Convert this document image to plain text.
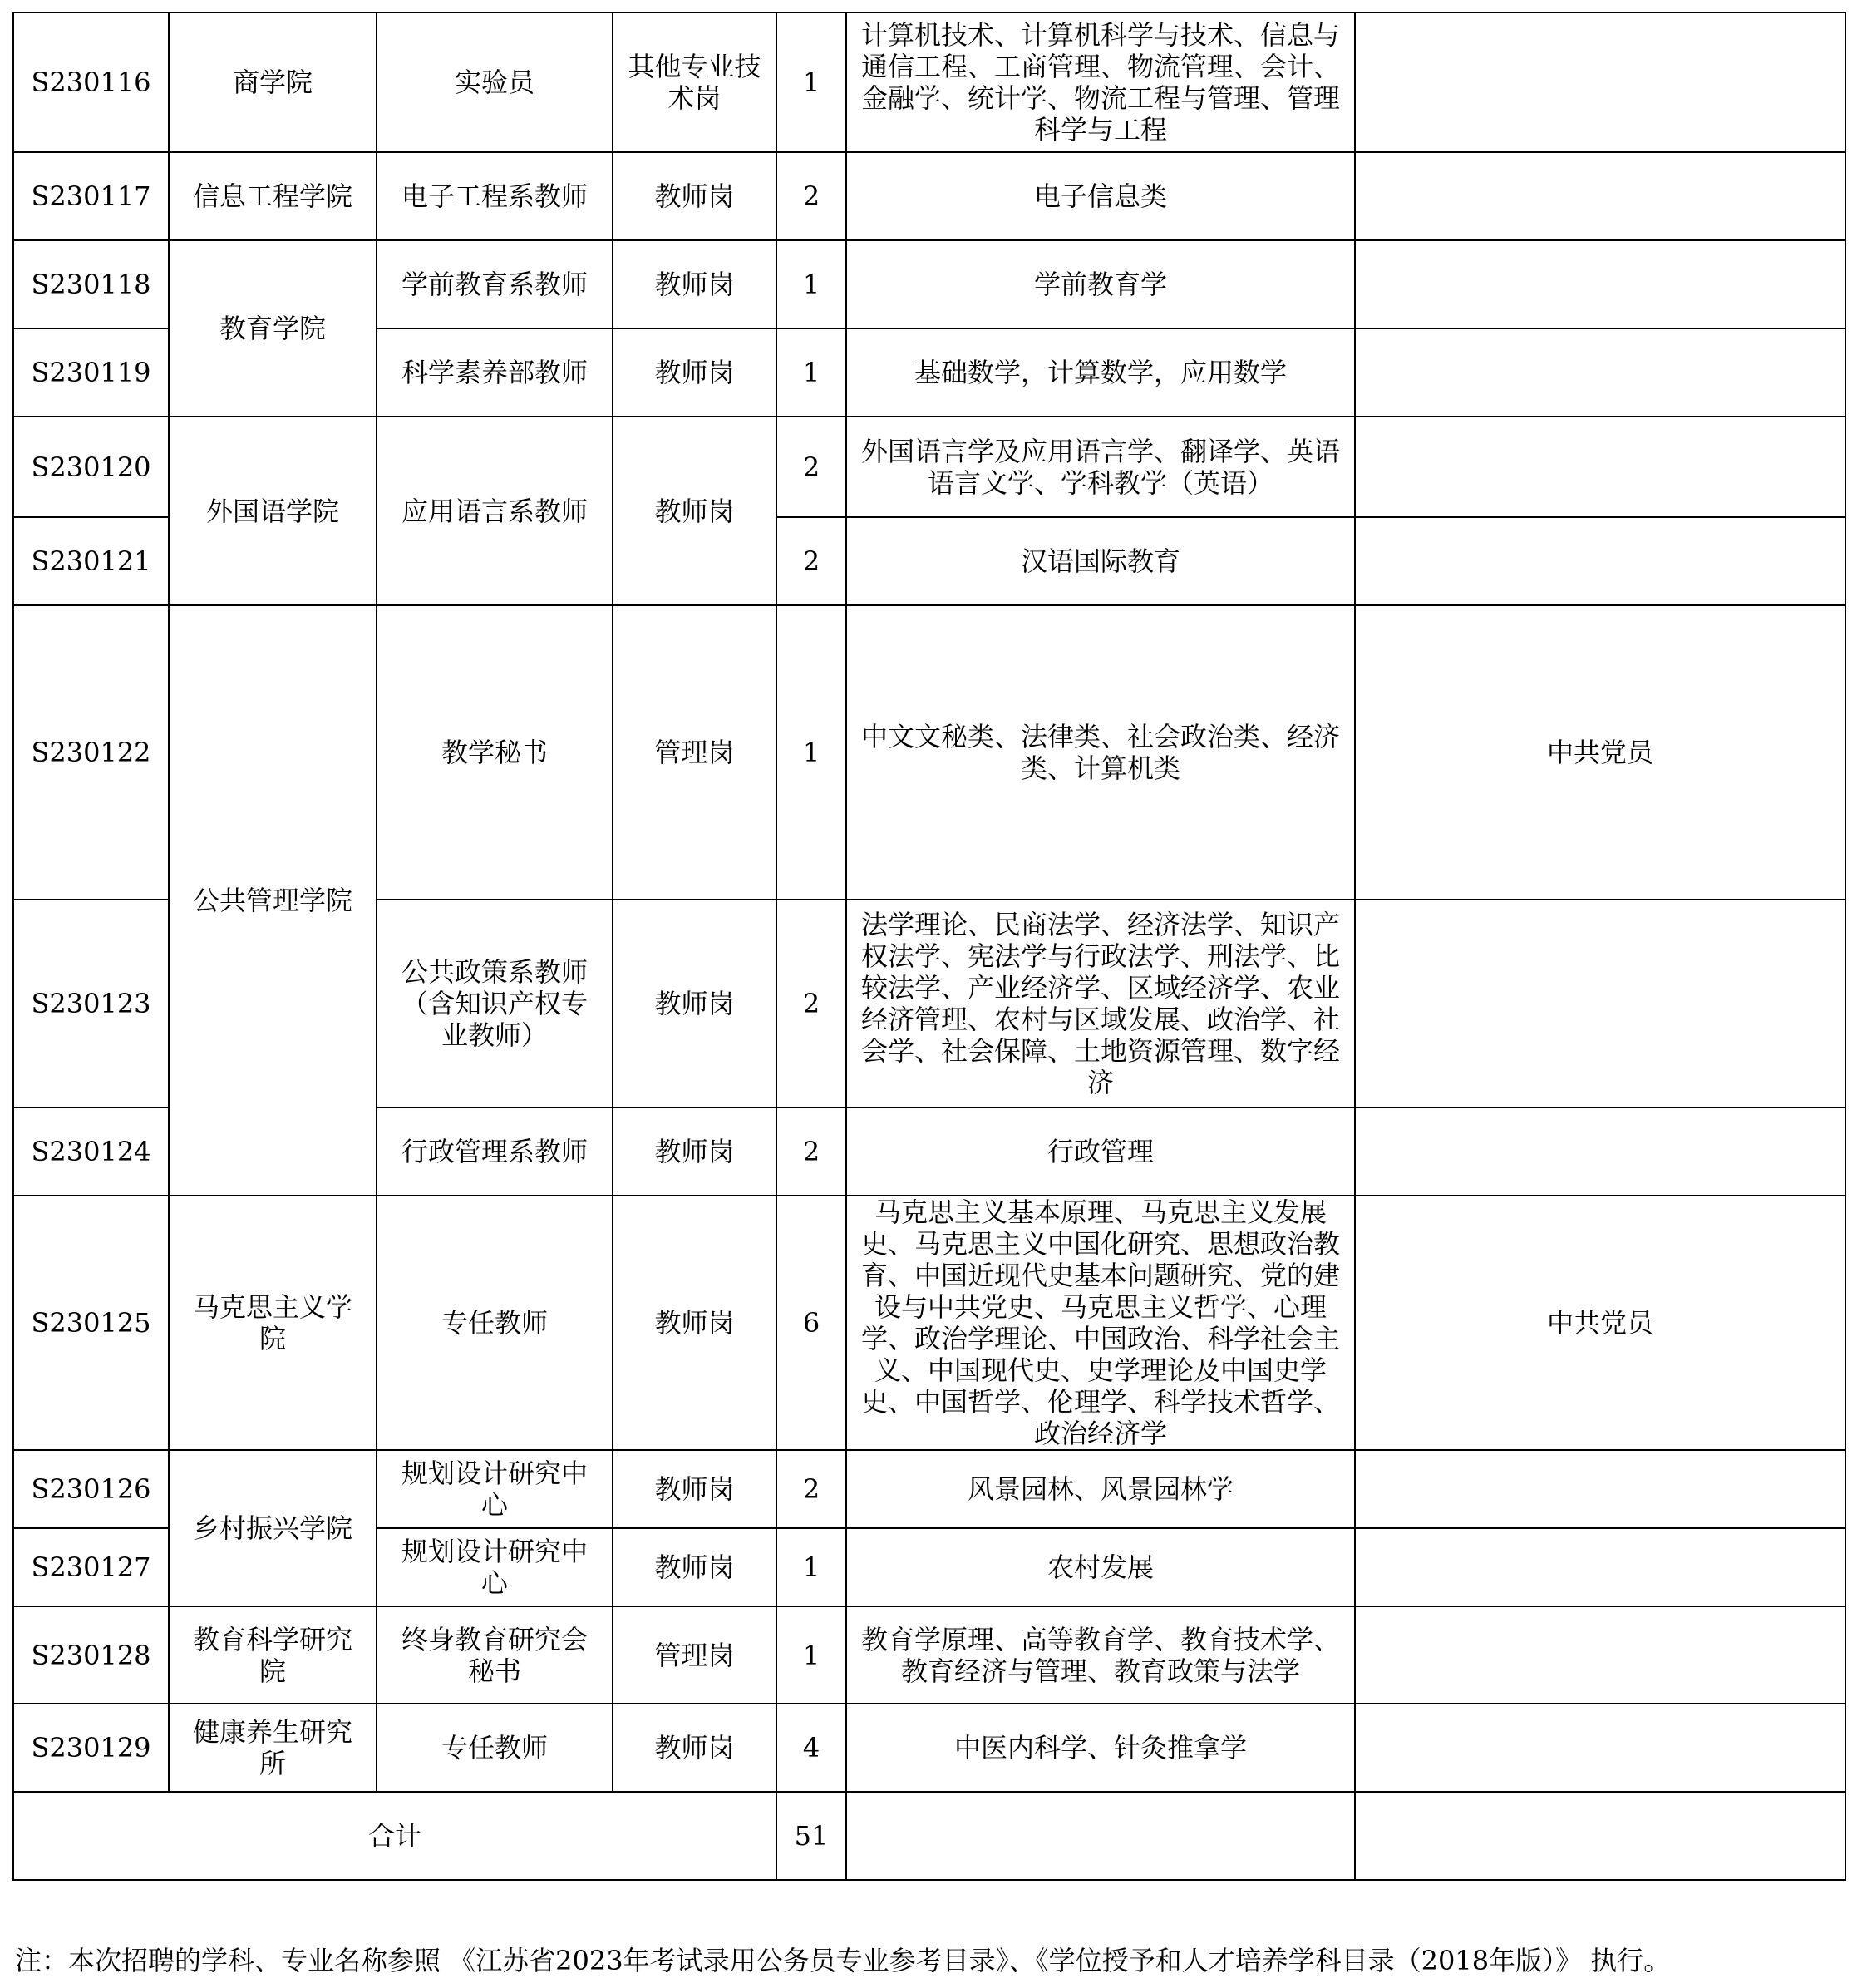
S230116	商学院	实验员	其他专业技术岗	1	计算机技术、计算机科学与技术、信息与通信工程、工商管理、物流管理、会计、金融学、统计学、物流工程与管理、管理科学与工程	
S230117	信息工程学院	电子工程系教师	教师岗	2	电子信息类	
S230118	教育学院	学前教育系教师	教师岗	1	学前教育学	
S230119		科学素养部教师	教师岗	1	基础数学，计算数学，应用数学	
S230120	外国语学院	应用语言系教师	教师岗	2	外国语言学及应用语言学、翻译学、英语语言文学、学科教学（英语）	
S230121				2	汉语国际教育	
S230122	公共管理学院	教学秘书	管理岗	1	中文文秘类、法律类、社会政治类、经济类、计算机类	中共党员
S230123		公共政策系教师（含知识产权专业教师）	教师岗	2	法学理论、民商法学、经济法学、知识产权法学、宪法学与行政法学、刑法学、比较法学、产业经济学、区域经济学、农业经济管理、农村与区域发展、政治学、社会学、社会保障、土地资源管理、数字经济	
S230124		行政管理系教师	教师岗	2	行政管理	
S230125	马克思主义学院	专任教师	教师岗	6	马克思主义基本原理、马克思主义发展史、马克思主义中国化研究、思想政治教育、中国近现代史基本问题研究、党的建设与中共党史、马克思主义哲学、心理学、政治学理论、中国政治、科学社会主义、中国现代史、史学理论及中国史学史、中国哲学、伦理学、科学技术哲学、政治经济学	中共党员
S230126	乡村振兴学院	规划设计研究中心	教师岗	2	风景园林、风景园林学	
S230127		规划设计研究中心	教师岗	1	农村发展	
S230128	教育科学研究院	终身教育研究会秘书	管理岗	1	教育学原理、高等教育学、教育技术学、教育经济与管理、教育政策与法学	
S230129	健康养生研究所	专任教师	教师岗	4	中医内科学、针灸推拿学	
合计				51		
注：本次招聘的学科、专业名称参照 《江苏省2023年考试录用公务员专业参考目录》、《学位授予和人才培养学科目录（2018年版）》 执行。
